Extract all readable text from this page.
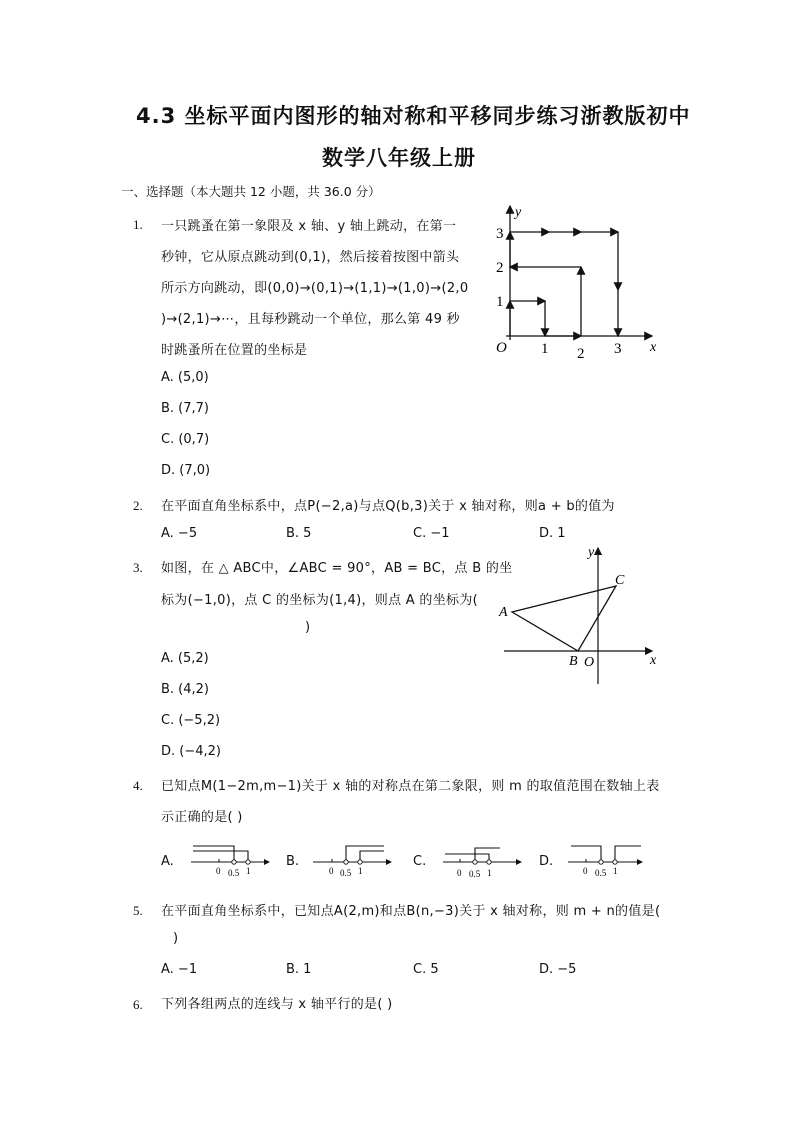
4.3 坐标平面内图形的轴对称和平移同步练习浙教版初中
数学八年级上册
一、选择题（本大题共 12 小题，共 36.0 分）
1. 一只跳蚤在第一象限及 x 轴、y 轴上跳动，在第一
秒钟，它从原点跳动到(0,1)，然后接着按图中箭头
所示方向跳动，即(0,0)→(0,1)→(1,1)→(1,0)→(2,0
)→(2,1)→⋯，且每秒跳动一个单位，那么第 49 秒
时跳蚤所在位置的坐标是
A. (5,0)
B. (7,7)
C. (0,7)
D. (7,0)
y
x
O 1 2 3
1
2
3
2. 在平面直角坐标系中，点P(−2,a)与点Q(b,3)关于 x 轴对称，则a + b的值为
A. −5	B. 5	C. −1	D. 1
3. 如图，在 △ ABC中，∠ABC = 90°，AB = BC，点 B 的坐
标为(−1,0)，点 C 的坐标为(1,4)，则点 A 的坐标为(
)
A. (5,2)
B. (4,2)
C. (−5,2)
D. (−4,2)
y
x
O
A
B
C
4. 已知点M(1−2m,m−1)关于 x 轴的对称点在第二象限，则 m 的取值范围在数轴上表
示正确的是( )
A.
0 0.5 1
B.
0 0.5 1
C.
0 0.5 1
D.
0 0.5 1
5. 在平面直角坐标系中，已知点A(2,m)和点B(n,−3)关于 x 轴对称，则 m + n的值是(
)
A. −1	B. 1	C. 5	D. −5
6. 下列各组两点的连线与 x 轴平行的是( )
